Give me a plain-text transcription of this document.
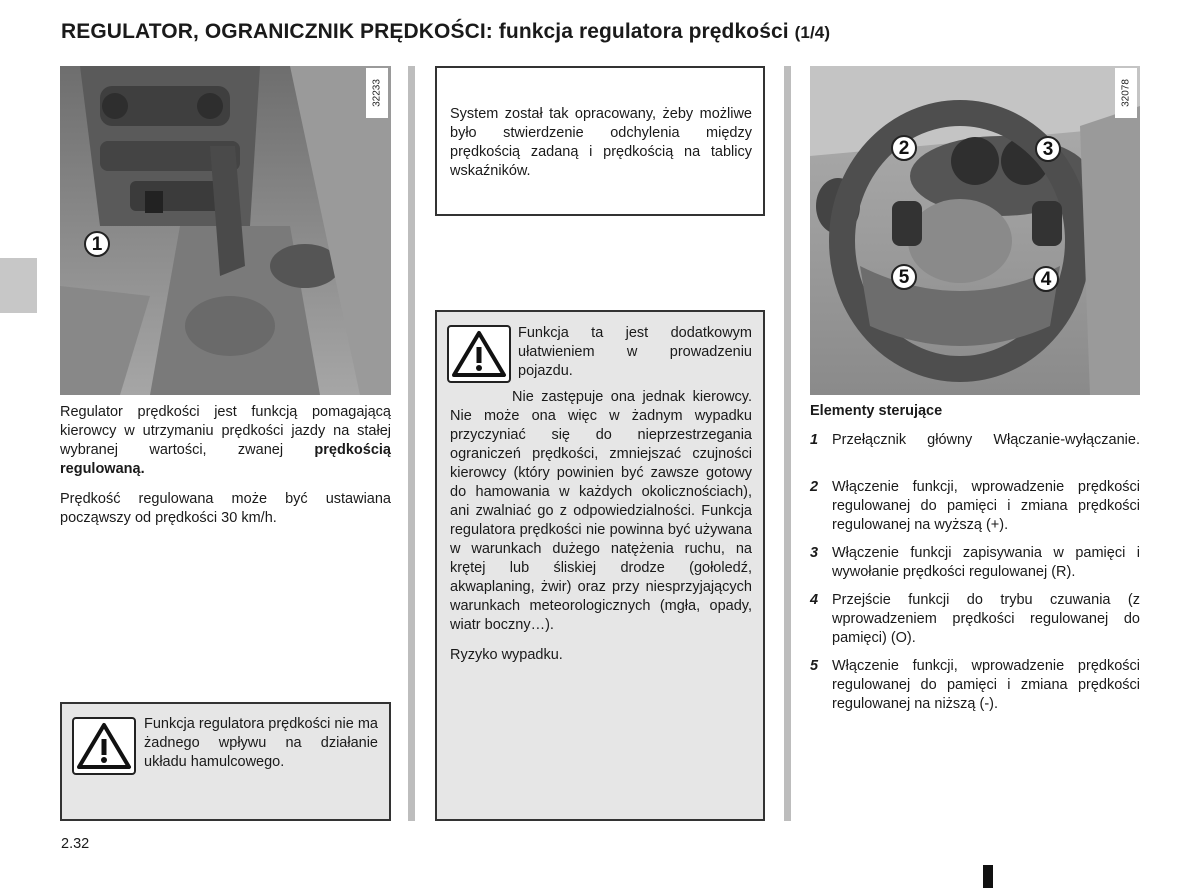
REGULATOR, OGRANICZNIK PRĘDKOŚCI: funkcja regulatora prędkości (1/4)
32233
1

Regulator prędkości jest funkcją pomagającą kierowcy w utrzymaniu prędkości jazdy na stałej wybranej wartości, zwanej prędkością regulowaną.

Prędkość regulowana może być ustawiana począwszy od prędkości 30 km/h.

Funkcja regulatora prędkości nie ma żadnego wpływu na działanie układu hamulcowego.
System został tak opracowany, żeby możliwe było stwierdzenie odchylenia między prędkością zadaną i prędkością na tablicy wskaźników.
Funkcja ta jest dodatkowym ułatwieniem w prowadzeniu pojazdu.

Nie zastępuje ona jednak kierowcy. Nie może ona więc w żadnym wypadku przyczyniać się do nieprzestrzegania ograniczeń prędkości, zmniejszać czujności kierowcy (który powinien być zawsze gotowy do hamowania w każdych okolicznościach), ani zwalniać go z odpowiedzialności. Funkcja regulatora prędkości nie powinna być używana w warunkach dużego natężenia ruchu, na krętej lub śliskiej drodze (gołoledź, akwaplaning, żwir) oraz przy niesprzyjających warunkach meteorologicznych (mgła, opady, wiatr boczny…).

Ryzyko wypadku.

32078
2	3
5	4
Elementy sterujące
1 Przełącznik główny Włączanie-wyłączanie.
2 Włączenie funkcji, wprowadzenie prędkości regulowanej do pamięci i zmiana prędkości regulowanej na wyższą (+).
3 Włączenie funkcji zapisywania w pamięci i wywołanie prędkości regulowanej (R).
4 Przejście funkcji do trybu czuwania (z wprowadzeniem prędkości regulowanej do pamięci) (O).
5 Włączenie funkcji, wprowadzenie prędkości regulowanej do pamięci i zmiana prędkości regulowanej na niższą (-).
2.32
